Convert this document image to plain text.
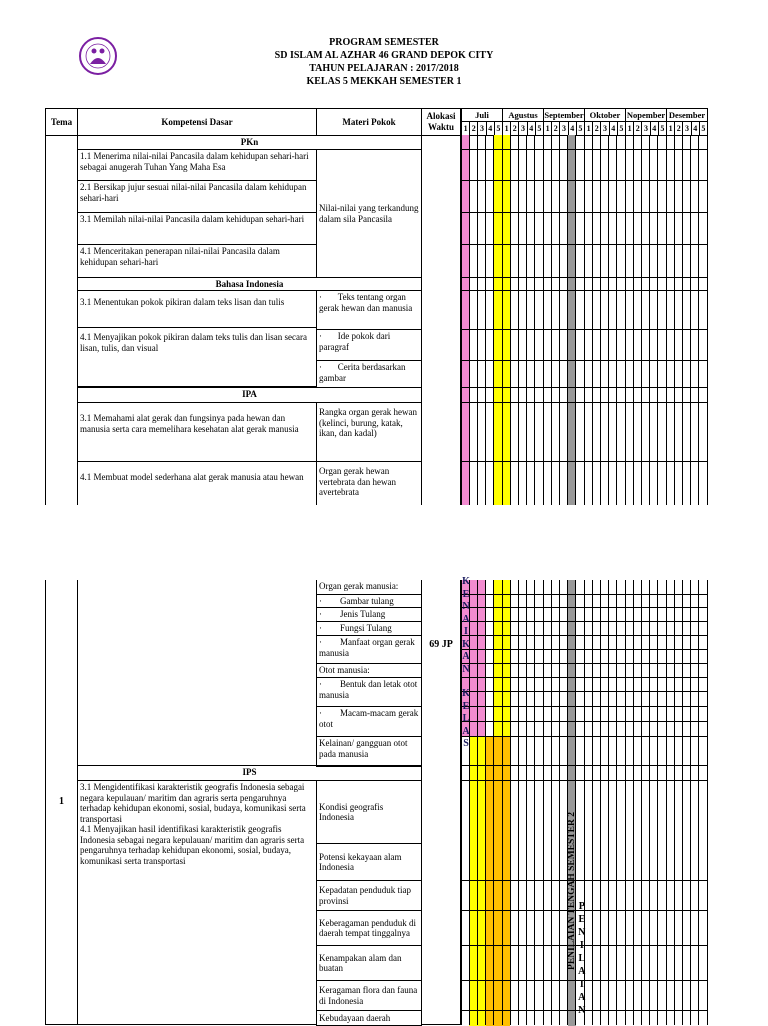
PROGRAM SEMESTER
SD ISLAM AL AZHAR 46 GRAND DEPOK CITY
TAHUN PELAJARAN : 2017/2018
KELAS 5 MEKKAH SEMESTER 1
Tema	Kompetensi Dasar	Materi Pokok
Alokasi
Waktu
Juli
1 2 3 4 5
Agustus
1 2 3 4 5
September
1 2 3 4 5
Oktober
1 2 3 4 5
Nopember
1 2 3 4 5
Desember
1 2 3 4 5
PKn
1.1 Menerima nilai-nilai Pancasila dalam kehidupan sehari-hari sebagai anugerah Tuhan Yang Maha Esa
2.1 Bersikap jujur sesuai nilai-nilai Pancasila dalam kehidupan sehari-hari
3.1 Memilah nilai-nilai Pancasila dalam kehidupan sehari-hari
4.1 Menceritakan penerapan nilai-nilai Pancasila dalam kehidupan sehari-hari
Nilai-nilai yang terkandung dalam sila Pancasila
Bahasa Indonesia
3.1 Menentukan pokok pikiran dalam teks lisan dan tulis
4.1 Menyajikan pokok pikiran dalam teks tulis dan lisan secara lisan, tulis, dan visual
·       Teks tentang organ gerak hewan dan manusia
·       Ide pokok dari paragraf
·       Cerita berdasarkan gambar
IPA
3.1 Memahami alat gerak dan fungsinya pada hewan dan manusia serta cara memelihara kesehatan alat gerak manusia
4.1 Membuat model sederhana alat gerak manusia atau hewan
Rangka organ gerak hewan (kelinci, burung, katak, ikan, dan kadal)
Organ gerak hewan vertebrata dan hewan avertebrata
1
Organ gerak manusia:
· Gambar tulang
· Jenis Tulang
· Fungsi Tulang
· Manfaat organ gerak manusia
Otot manusia:
· Bentuk dan letak otot manusia
· Macam-macam gerak otot
Kelainan/ gangguan otot pada manusia
69 JP
IPS
3.1 Mengidentifikasi karakteristik geografis Indonesia sebagai negara kepulauan/ maritim dan agraris serta pengaruhnya terhadap kehidupan ekonomi, sosial, budaya, komunikasi serta transportasi
4.1 Menyajikan hasil identifikasi karakteristik geografis Indonesia sebagai negara kepulauan/ maritim dan agraris serta pengaruhnya terhadap kehidupan ekonomi, sosial, budaya, komunikasi serta transportasi
Kondisi geografis Indonesia
Potensi kekayaan alam Indonesia
Kepadatan penduduk tiap provinsi
Keberagaman penduduk di daerah tempat tinggalnya
Kenampakan alam dan buatan
Keragaman flora dan fauna di Indonesia
Kebudayaan daerah
K
E
N
A
I
K
A
N
K
E
L
A
S
PENILAIAN TENGAH SEMESTER 2 P
E
N
I
L
A
I
A
N
